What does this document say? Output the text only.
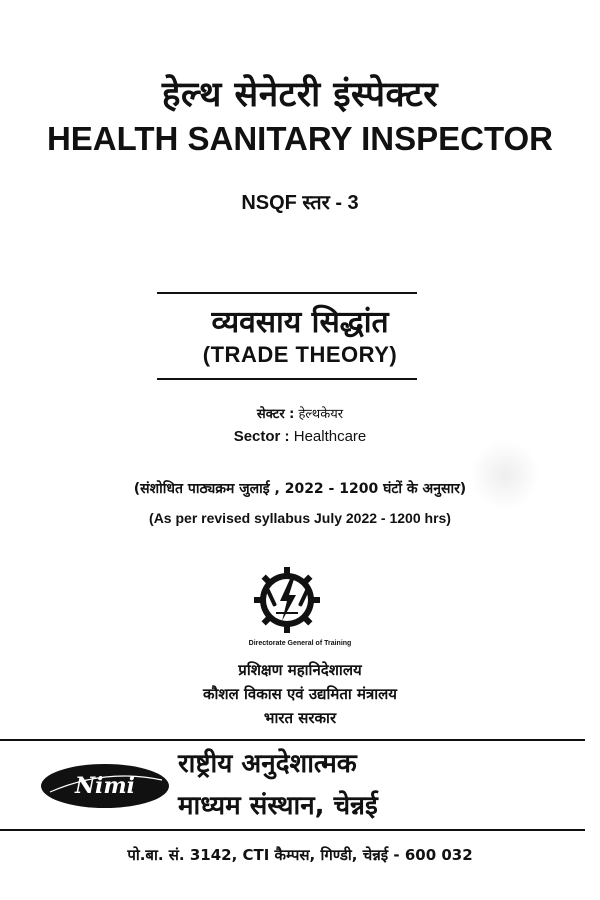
हेल्थ सेनेटरी इंस्पेक्टर
HEALTH SANITARY INSPECTOR
NSQF स्तर - 3
व्यवसाय सिद्धांत
(TRADE THEORY)
सेक्टर : हेल्थकेयर
Sector : Healthcare
(संशोधित पाठ्यक्रम जुलाई , 2022 - 1200 घंटों के अनुसार)
(As per revised syllabus July 2022 - 1200 hrs)
Directorate General of Training
प्रशिक्षण महानिदेशालय
कौशल विकास एवं उद्यमिता मंत्रालय
भारत सरकार
Nimi
राष्ट्रीय अनुदेशात्मक
माध्यम संस्थान, चेन्नई
पो.बा. सं. 3142, CTI कैम्पस, गिण्डी, चेन्नई - 600 032
